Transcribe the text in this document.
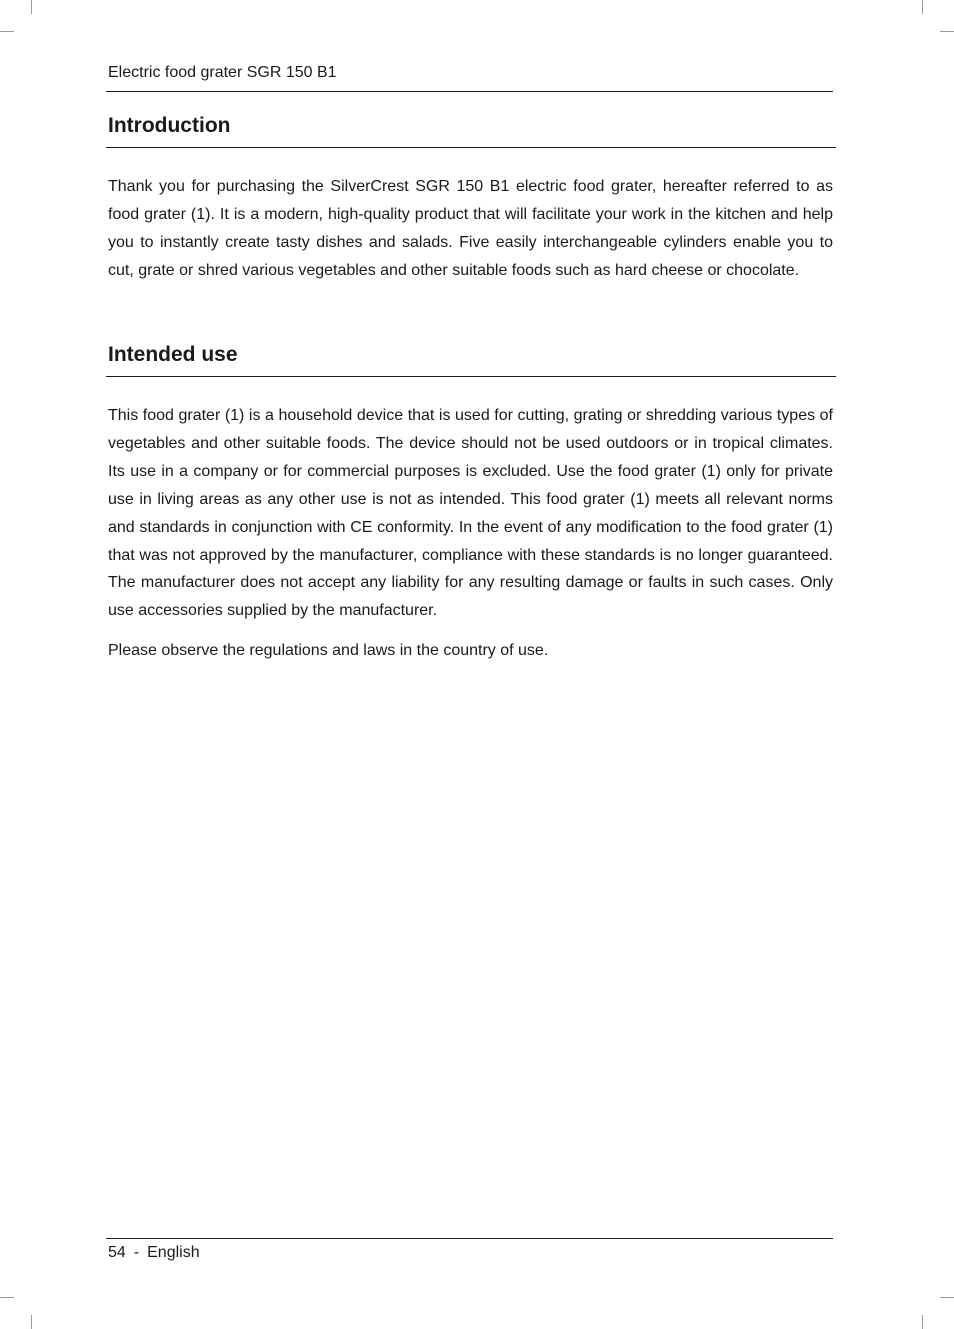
Electric food grater SGR 150 B1
Introduction

Thank you for purchasing the SilverCrest SGR 150 B1 electric food grater, hereafter referred to as food grater (1). It is a modern, high-quality product that will facilitate your work in the kitchen and help you to instantly create tasty dishes and salads. Five easily interchangeable cylinders enable you to cut, grate or shred various vegetables and other suitable foods such as hard cheese or chocolate.

Intended use

This food grater (1) is a household device that is used for cutting, grating or shredding various types of vegetables and other suitable foods. The device should not be used outdoors or in tropical climates. Its use in a company or for commercial purposes is excluded. Use the food grater (1) only for private use in living areas as any other use is not as intended. This food grater (1) meets all relevant norms and standards in conjunction with CE conformity. In the event of any modification to the food grater (1) that was not approved by the manufacturer, compliance with these standards is no longer guaranteed. The manufacturer does not accept any liability for any resulting damage or faults in such cases. Only use accessories supplied by the manufacturer.

Please observe the regulations and laws in the country of use.

54 - English
